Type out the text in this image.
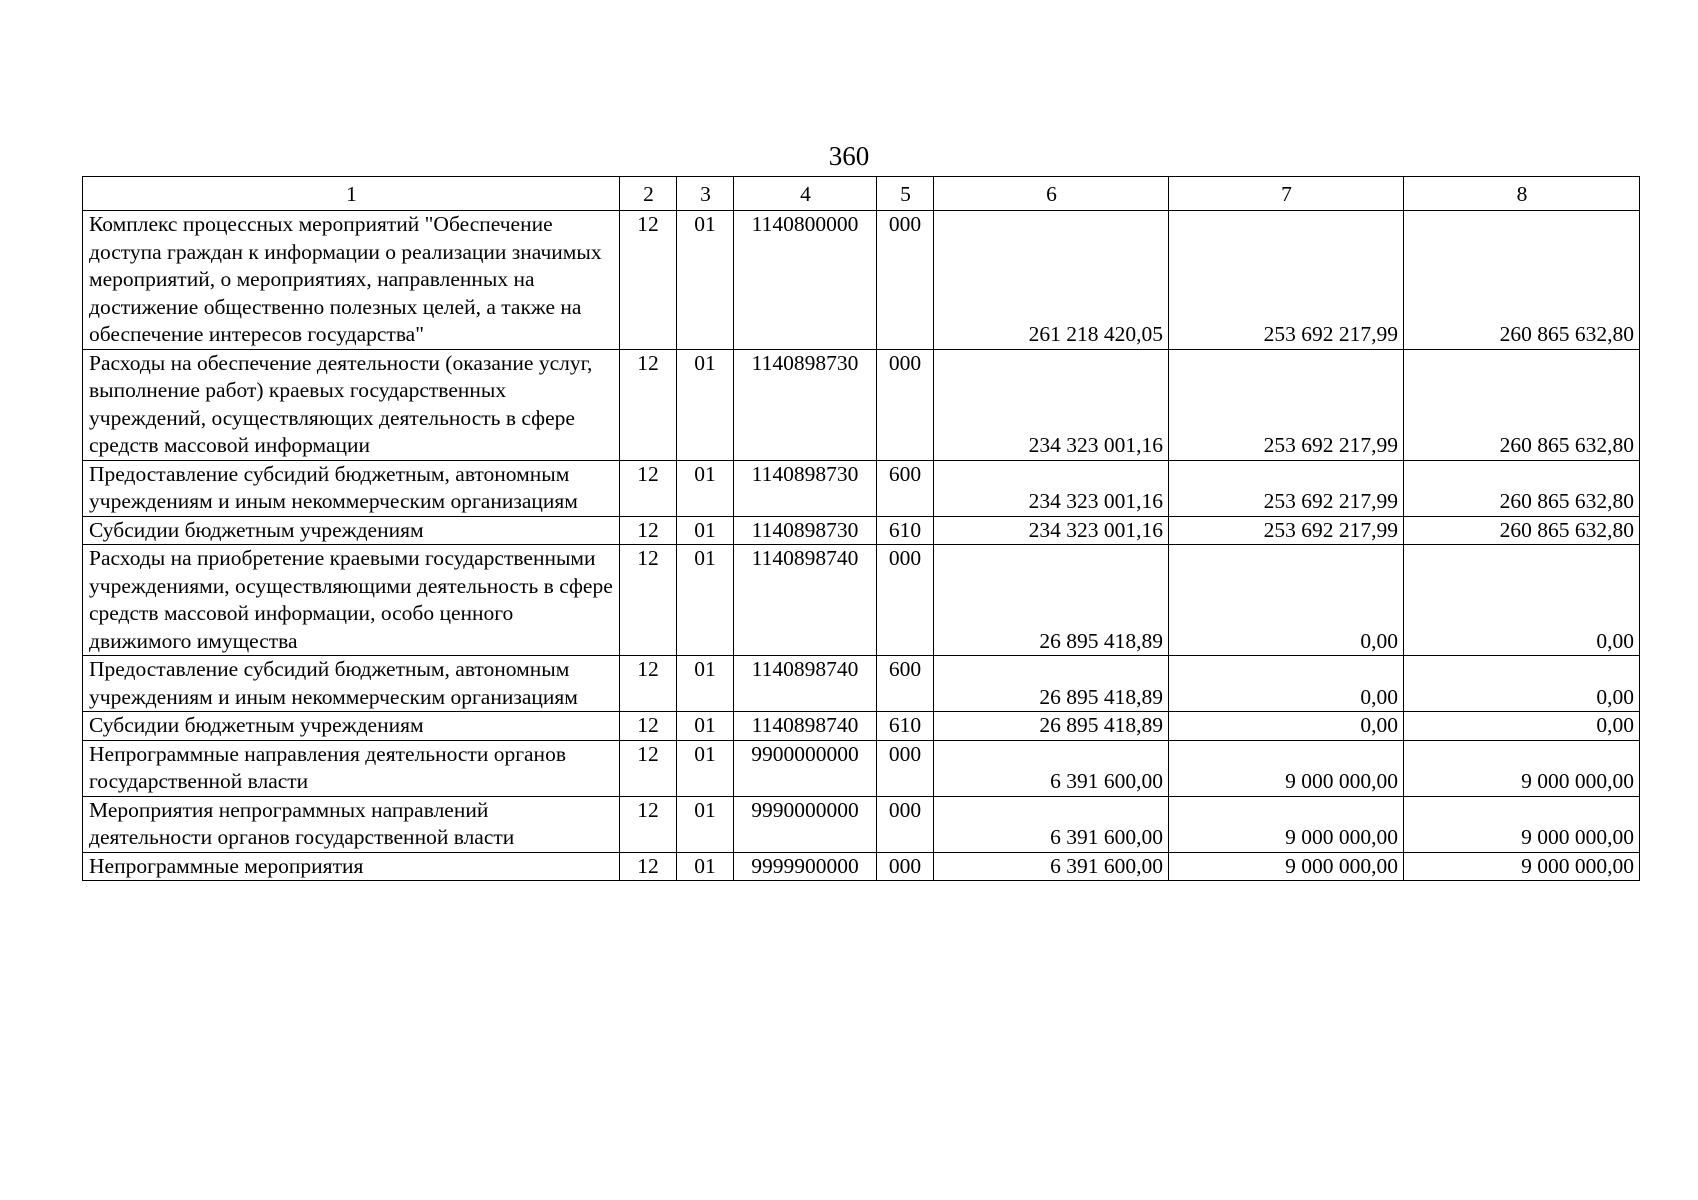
360
1	2	3	4	5	6	7	8
Комплекс процессных мероприятий "Обеспечение доступа граждан к информации о реализации значимых мероприятий, о мероприятиях, направленных на достижение общественно полезных целей, а также на обеспечение интересов государства"	12	01	1140800000	000	261 218 420,05	253 692 217,99	260 865 632,80
Расходы на обеспечение деятельности (оказание услуг, выполнение работ) краевых государственных учреждений, осуществляющих деятельность в сфере средств массовой информации	12	01	1140898730	000	234 323 001,16	253 692 217,99	260 865 632,80
Предоставление субсидий бюджетным, автономным учреждениям и иным некоммерческим организациям	12	01	1140898730	600	234 323 001,16	253 692 217,99	260 865 632,80
Субсидии бюджетным учреждениям	12	01	1140898730	610	234 323 001,16	253 692 217,99	260 865 632,80
Расходы на приобретение краевыми государственными учреждениями, осуществляющими деятельность в сфере средств массовой информации, особо ценного движимого имущества	12	01	1140898740	000	26 895 418,89	0,00	0,00
Предоставление субсидий бюджетным, автономным учреждениям и иным некоммерческим организациям	12	01	1140898740	600	26 895 418,89	0,00	0,00
Субсидии бюджетным учреждениям	12	01	1140898740	610	26 895 418,89	0,00	0,00
Непрограммные направления деятельности органов государственной власти	12	01	9900000000	000	6 391 600,00	9 000 000,00	9 000 000,00
Мероприятия непрограммных направлений деятельности органов государственной власти	12	01	9990000000	000	6 391 600,00	9 000 000,00	9 000 000,00
Непрограммные мероприятия	12	01	9999900000	000	6 391 600,00	9 000 000,00	9 000 000,00
